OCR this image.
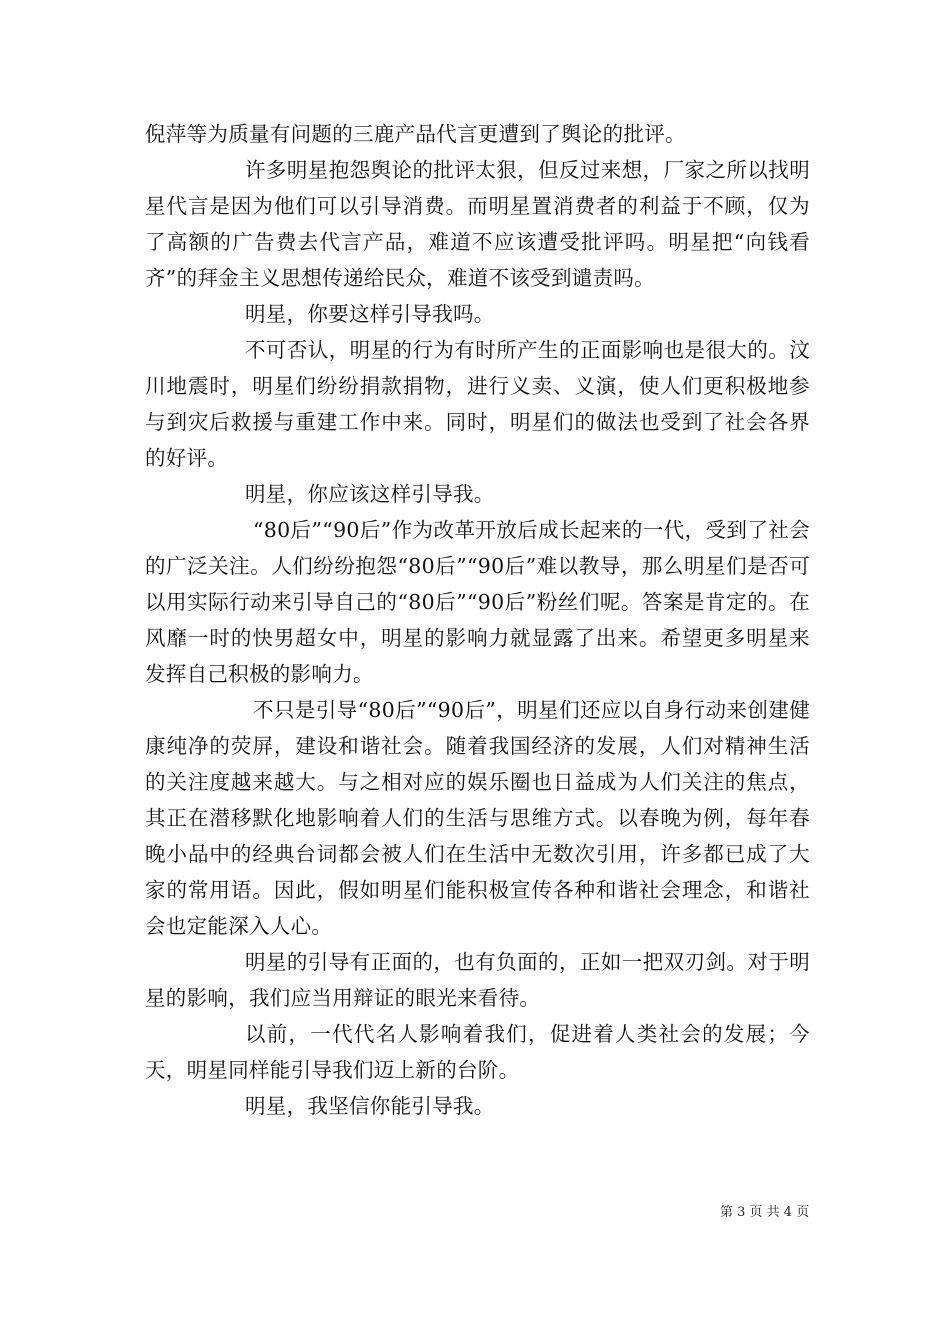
倪萍等为质量有问题的三鹿产品代言更遭到了舆论的批评。

许多明星抱怨舆论的批评太狠，但反过来想，厂家之所以找明星代言是因为他们可以引导消费。而明星置消费者的利益于不顾，仅为了高额的广告费去代言产品，难道不应该遭受批评吗。明星把“向钱看齐”的拜金主义思想传递给民众，难道不该受到谴责吗。

明星，你要这样引导我吗。

不可否认，明星的行为有时所产生的正面影响也是很大的。汶川地震时，明星们纷纷捐款捐物，进行义卖、义演，使人们更积极地参与到灾后救援与重建工作中来。同时，明星们的做法也受到了社会各界的好评。

明星，你应该这样引导我。

“80后”“90后”作为改革开放后成长起来的一代，受到了社会的广泛关注。人们纷纷抱怨“80后”“90后”难以教导，那么明星们是否可以用实际行动来引导自己的“80后”“90后”粉丝们呢。答案是肯定的。在风靡一时的快男超女中，明星的影响力就显露了出来。希望更多明星来发挥自己积极的影响力。

不只是引导“80后”“90后”，明星们还应以自身行动来创建健康纯净的荧屏，建设和谐社会。随着我国经济的发展，人们对精神生活的关注度越来越大。与之相对应的娱乐圈也日益成为人们关注的焦点，其正在潜移默化地影响着人们的生活与思维方式。以春晚为例，每年春晚小品中的经典台词都会被人们在生活中无数次引用，许多都已成了大家的常用语。因此，假如明星们能积极宣传各种和谐社会理念，和谐社会也定能深入人心。

明星的引导有正面的，也有负面的，正如一把双刃剑。对于明星的影响，我们应当用辩证的眼光来看待。

以前，一代代名人影响着我们，促进着人类社会的发展；今天，明星同样能引导我们迈上新的台阶。

明星，我坚信你能引导我。

第 3 页 共 4 页
